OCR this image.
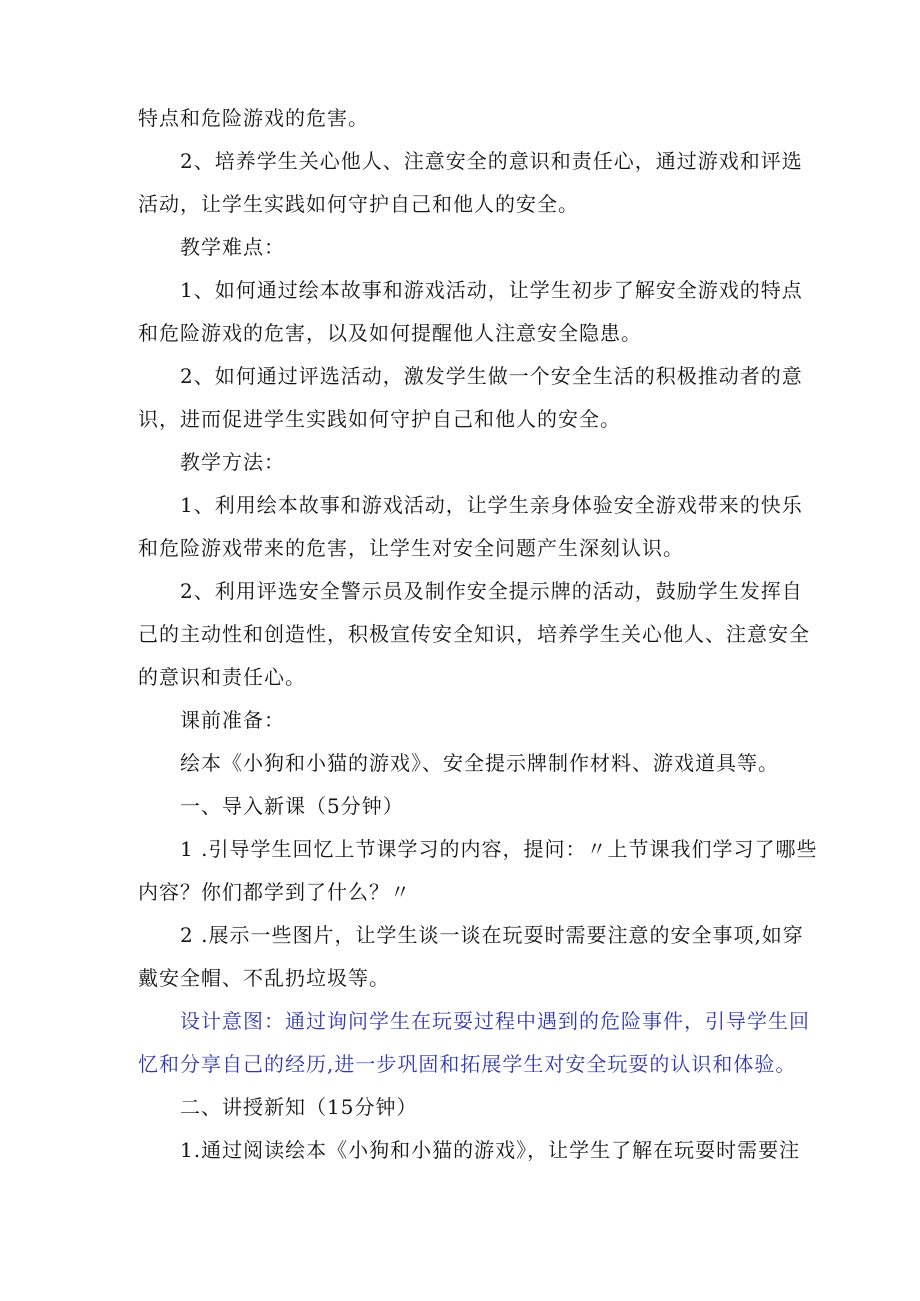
特点和危险游戏的危害。
2、培养学生关心他人、注意安全的意识和责任心，通过游戏和评选
活动，让学生实践如何守护自己和他人的安全。
教学难点：
1、如何通过绘本故事和游戏活动，让学生初步了解安全游戏的特点
和危险游戏的危害，以及如何提醒他人注意安全隐患。
2、如何通过评选活动，激发学生做一个安全生活的积极推动者的意
识，进而促进学生实践如何守护自己和他人的安全。
教学方法：
1、利用绘本故事和游戏活动，让学生亲身体验安全游戏带来的快乐
和危险游戏带来的危害，让学生对安全问题产生深刻认识。
2、利用评选安全警示员及制作安全提示牌的活动，鼓励学生发挥自
己的主动性和创造性，积极宣传安全知识，培养学生关心他人、注意安全
的意识和责任心。
课前准备：
绘本《小狗和小猫的游戏》、安全提示牌制作材料、游戏道具等。
一、导入新课（5分钟）
1 .引导学生回忆上节课学习的内容，提问：〃上节课我们学习了哪些
内容？你们都学到了什么？〃
2 .展示一些图片，让学生谈一谈在玩耍时需要注意的安全事项,如穿
戴安全帽、不乱扔垃圾等。
设计意图：通过询问学生在玩耍过程中遇到的危险事件，引导学生回
忆和分享自己的经历,进一步巩固和拓展学生对安全玩耍的认识和体验。
二、讲授新知（15分钟）
1.通过阅读绘本《小狗和小猫的游戏》，让学生了解在玩耍时需要注
